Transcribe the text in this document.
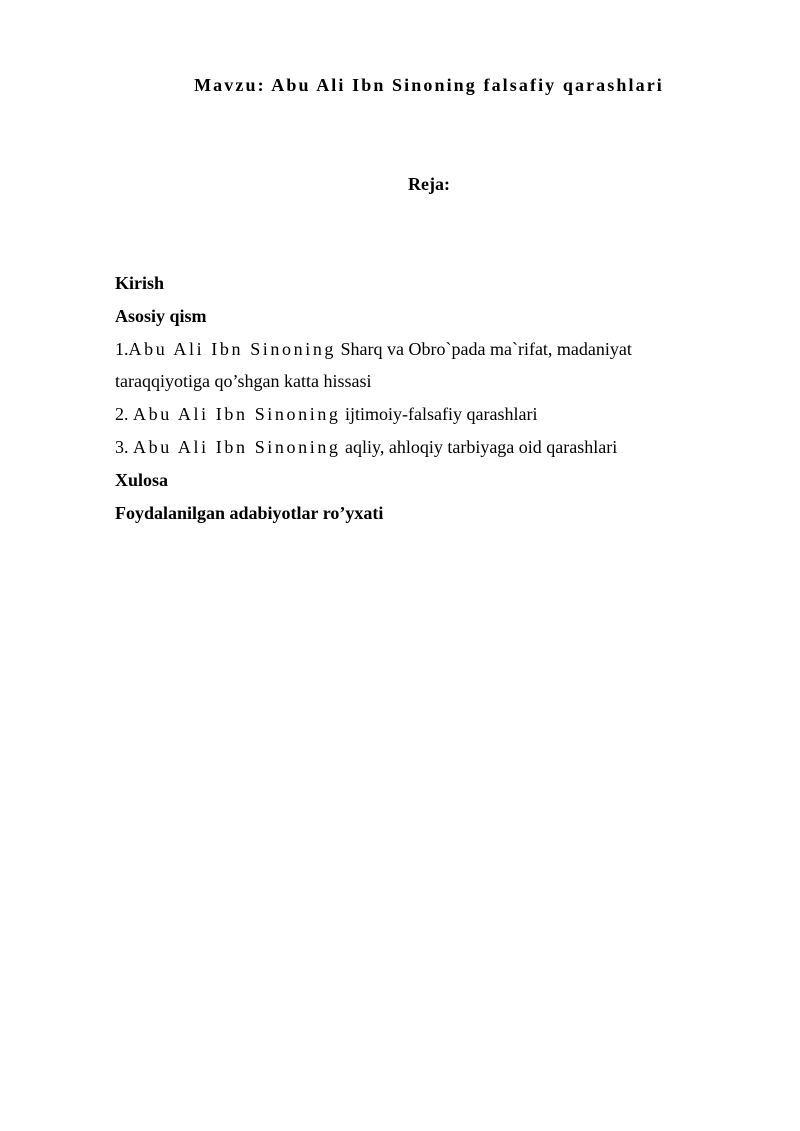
Mavzu: Abu Ali Ibn Sinoning falsafiy qarashlari
Reja:
Kirish
Asosiy qism
1.Abu Ali Ibn Sinoning Sharq va Obro`pada ma`rifat, madaniyat
taraqqiyotiga qo’shgan katta hissasi
2. Abu Ali Ibn Sinoning ijtimoiy-falsafiy qarashlari
3. Abu Ali Ibn Sinoning aqliy, ahloqiy tarbiyaga oid qarashlari
Xulosa
Foydalanilgan adabiyotlar ro’yxati
